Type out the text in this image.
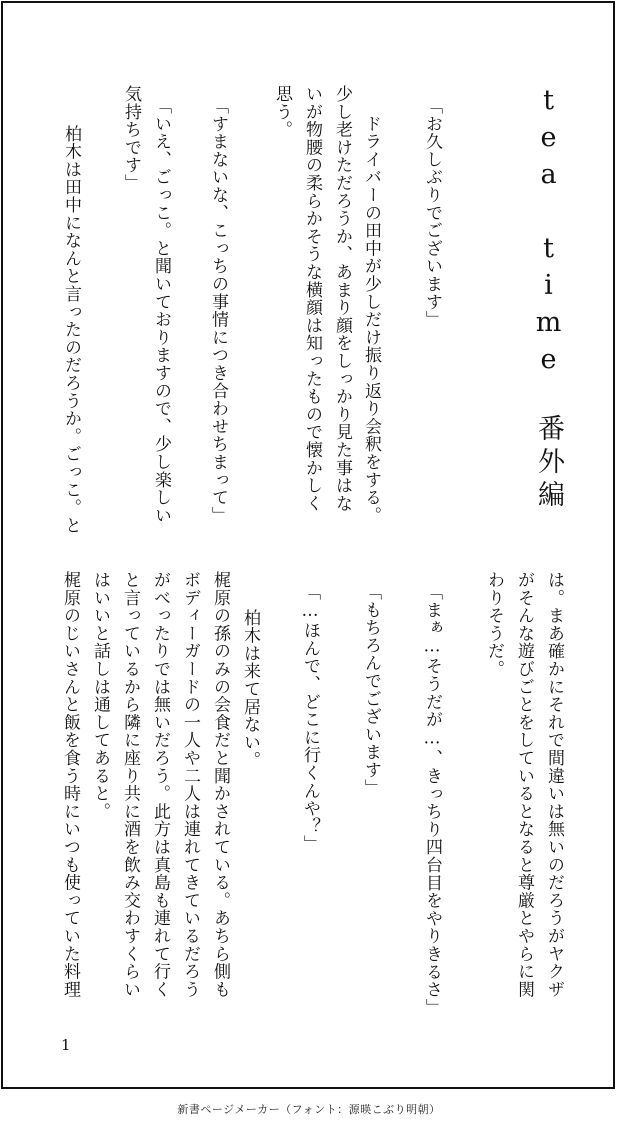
tea time　番外編
「お久しぶりでございます」
　ドライバーの田中が少しだけ振り返り会釈をする。
少し老けただろうか、あまり顔をしっかり見た事はな
いが物腰の柔らかそうな横顔は知ったもので懐かしく
思う。
「すまないな、こっちの事情につき合わせちまって」
「いえ、ごっこ。と聞いておりますので、少し楽しい
気持ちです」
　柏木は田中になんと言ったのだろうか。ごっこ。と
は。まあ確かにそれで間違いは無いのだろうがヤクザ
がそんな遊びごとをしているとなると尊厳とやらに関
わりそうだ。
「まぁ…そうだが…、きっちり四台目をやりきるさ」
「もちろんでございます」
「…ほんで、どこに行くんや？」
　柏木は来て居ない。
梶原の孫のみの会食だと聞かされている。あちら側も
ボディーガードの一人や二人は連れてきているだろう
がべったりでは無いだろう。此方は真島も連れて行く
と言っているから隣に座り共に酒を飲み交わすくらい
はいいと話しは通してあると。
梶原のじいさんと飯を食う時にいつも使っていた料理
1
新書ページメーカー（フォント：源暎こぶり明朝）
